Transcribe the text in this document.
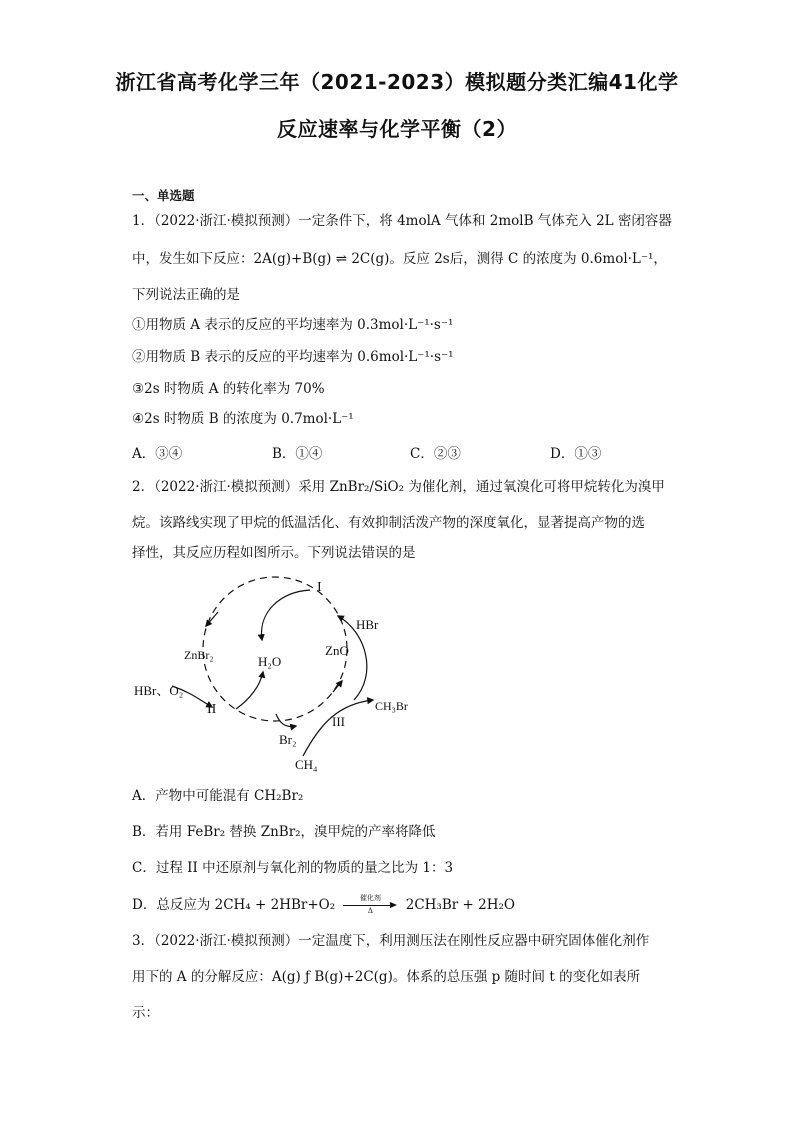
浙江省高考化学三年（2021-2023）模拟题分类汇编41化学
反应速率与化学平衡（2）
一、单选题
1．（2022·浙江·模拟预测）一定条件下，将 4molA 气体和 2molB 气体充入 2L 密闭容器
中，发生如下反应：2A(g)+B(g) ⇌ 2C(g)。反应 2s后，测得 C 的浓度为 0.6mol·L⁻¹，
下列说法正确的是
①用物质 A 表示的反应的平均速率为 0.3mol·L⁻¹·s⁻¹
②用物质 B 表示的反应的平均速率为 0.6mol·L⁻¹·s⁻¹
③2s 时物质 A 的转化率为 70%
④2s 时物质 B 的浓度为 0.7mol·L⁻¹
A．③④	B．①④	C．②③	D．①③
2．（2022·浙江·模拟预测）采用 ZnBr₂/SiO₂ 为催化剂，通过氧溴化可将甲烷转化为溴甲
烷。该路线实现了甲烷的低温活化、有效抑制活泼产物的深度氧化，显著提高产物的选
择性，其反应历程如图所示。下列说法错误的是
I
ZnBr₂	H₂O
ZnO
HBr
HBr、O₂
II	CH₃Br
III
Br₂
CH₄
A．产物中可能混有 CH₂Br₂
B．若用 FeBr₂ 替换 ZnBr₂，溴甲烷的产率将降低
C．过程 II 中还原剂与氧化剂的物质的量之比为 1：3
D．总反应为 2CH₄ + 2HBr+O₂	催化剂
Δ	2CH₃Br + 2H₂O
3．（2022·浙江·模拟预测）一定温度下，利用测压法在刚性反应器中研究固体催化剂作
用下的 A 的分解反应：A(g) ƒ B(g)+2C(g)。体系的总压强 p 随时间 t 的变化如表所
示：
